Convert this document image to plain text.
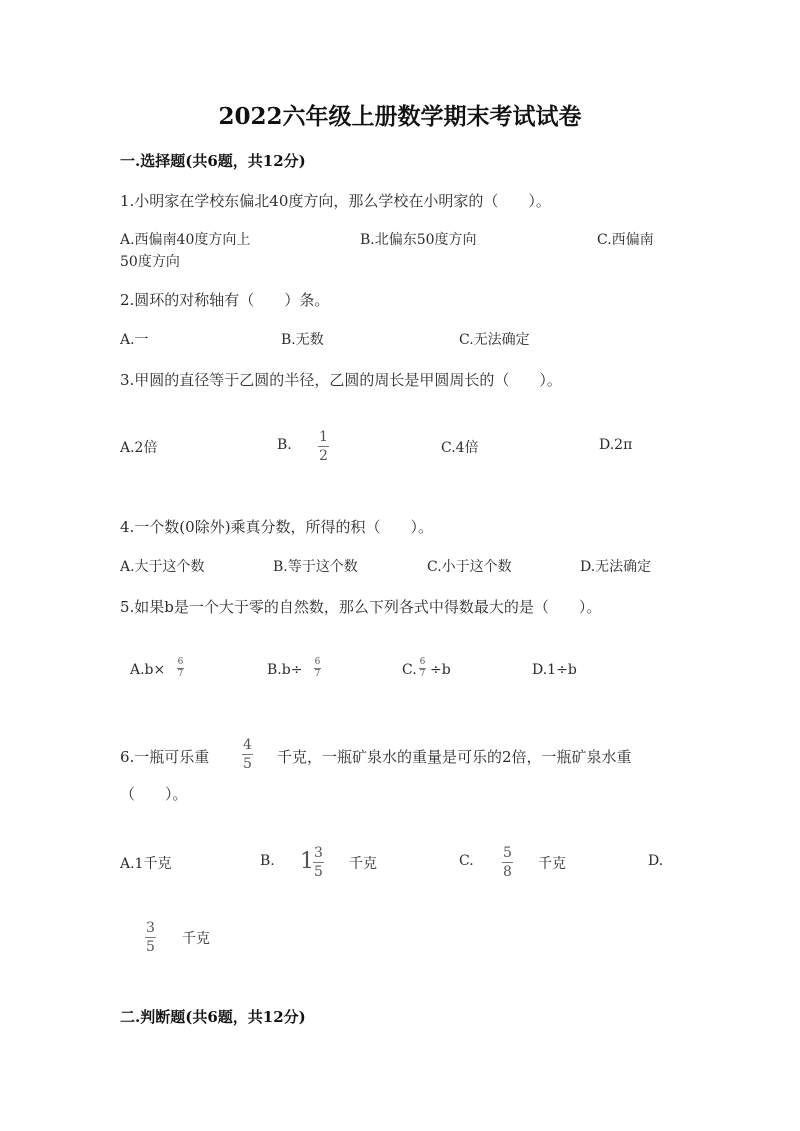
2022六年级上册数学期末考试试卷
一.选择题(共6题，共12分)
1.小明家在学校东偏北40度方向，那么学校在小明家的（　　）。
A.西偏南40度方向上	B.北偏东50度方向	C.西偏南
50度方向
2.圆环的对称轴有（　　）条。
A.一	B.无数	C.无法确定
3.甲圆的直径等于乙圆的半径，乙圆的周长是甲圆周长的（　　）。
A.2倍	B. 1
2	C.4倍	D.2π
4.一个数(0除外)乘真分数，所得的积（　　）。
A.大于这个数	B.等于这个数	C.小于这个数	D.无法确定
5.如果b是一个大于零的自然数，那么下列各式中得数最大的是（　　）。
A.b× 6
7	B.b÷ 6
7	C. 6
7 ÷b	D.1÷b
6.一瓶可乐重
4
5 千克，一瓶矿泉水的重量是可乐的2倍，一瓶矿泉水重
（　　）。
A.1千克	B. 1 3
5 千克	C. 5
8 千克	D.
3
5 千克
二.判断题(共6题，共12分)
